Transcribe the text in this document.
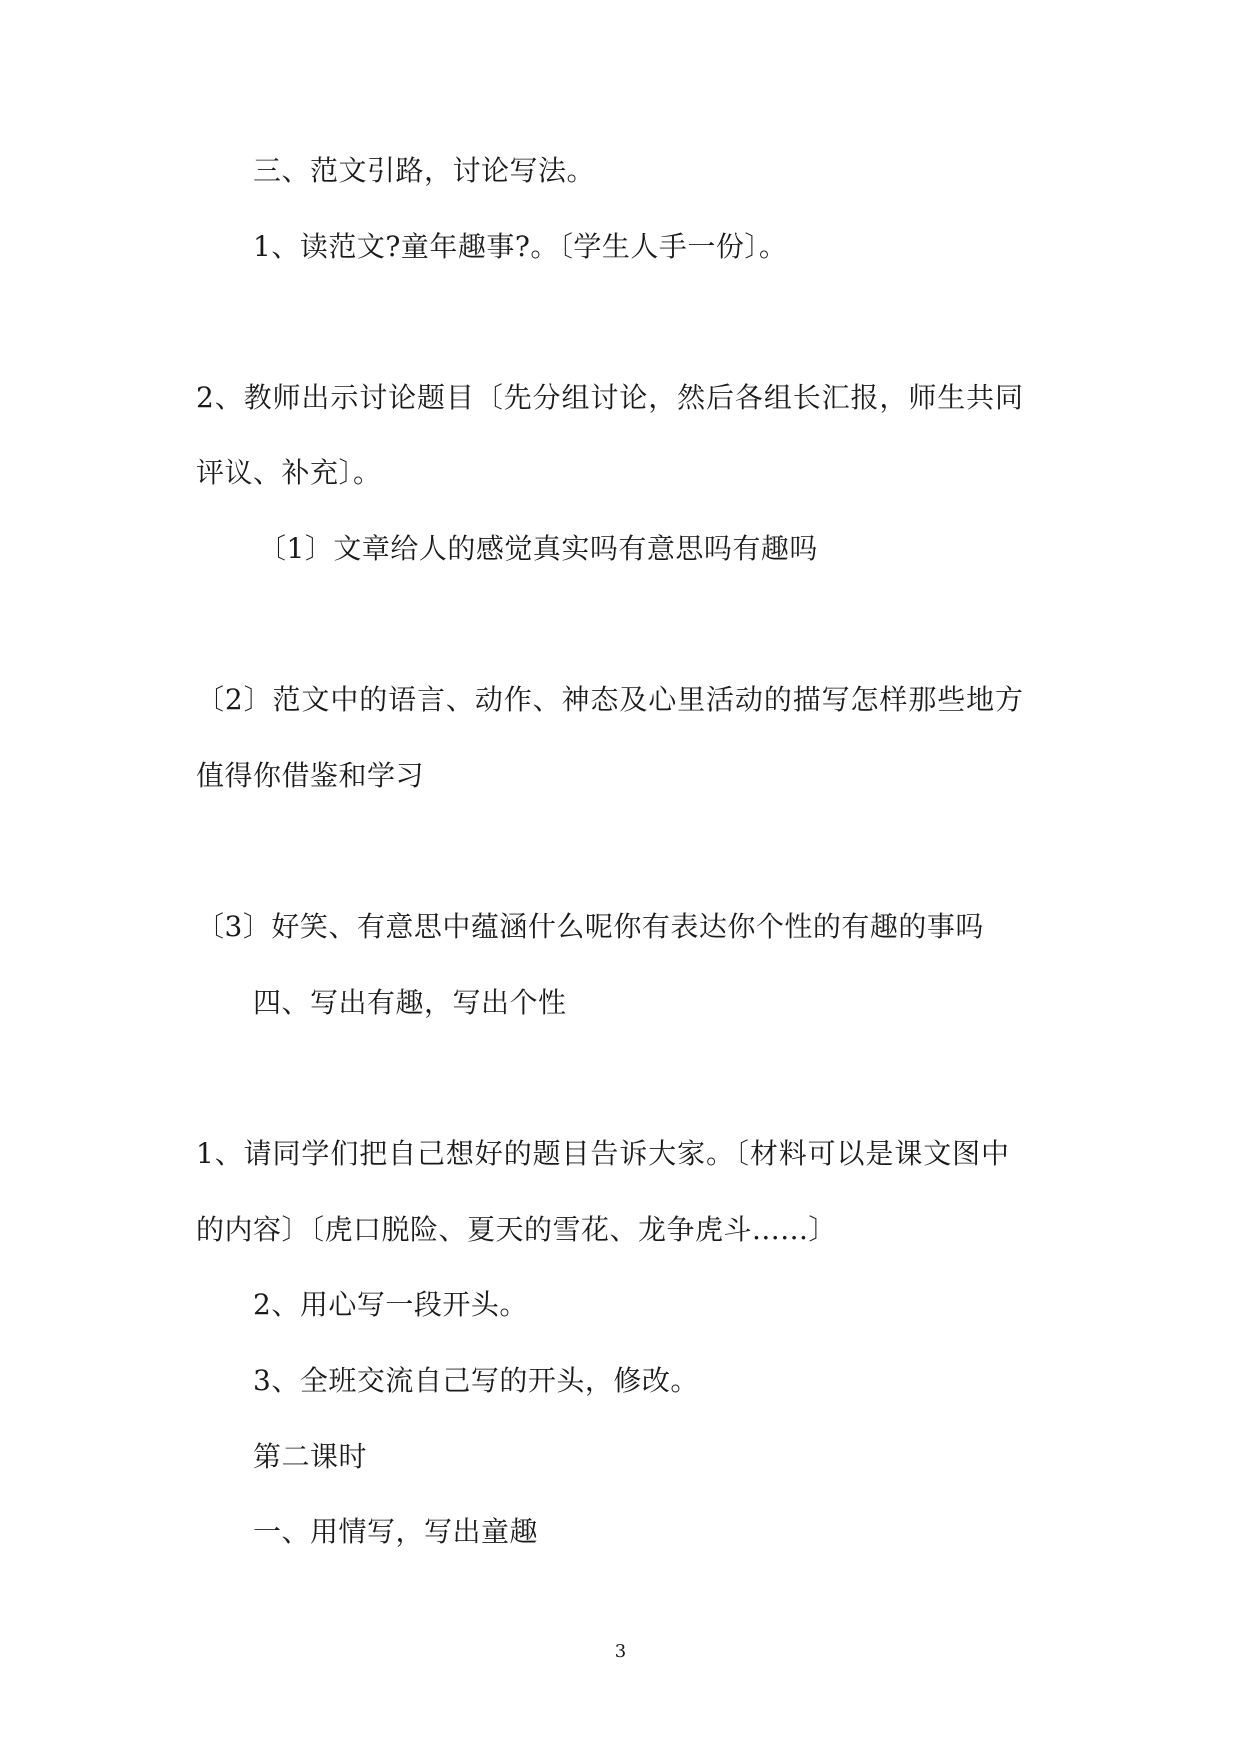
三、范文引路，讨论写法。
1、读范文?童年趣事?。〔学生人手一份〕。
2、教师出示讨论题目〔先分组讨论，然后各组长汇报，师生共同
评议、补充〕。
〔1〕文章给人的感觉真实吗有意思吗有趣吗
〔2〕范文中的语言、动作、神态及心里活动的描写怎样那些地方
值得你借鉴和学习
〔3〕好笑、有意思中蕴涵什么呢你有表达你个性的有趣的事吗
四、写出有趣，写出个性
1、请同学们把自己想好的题目告诉大家。〔材料可以是课文图中
的内容〕〔虎口脱险、夏天的雪花、龙争虎斗......〕
2、用心写一段开头。
3、全班交流自己写的开头，修改。
第二课时
一、用情写，写出童趣
3
